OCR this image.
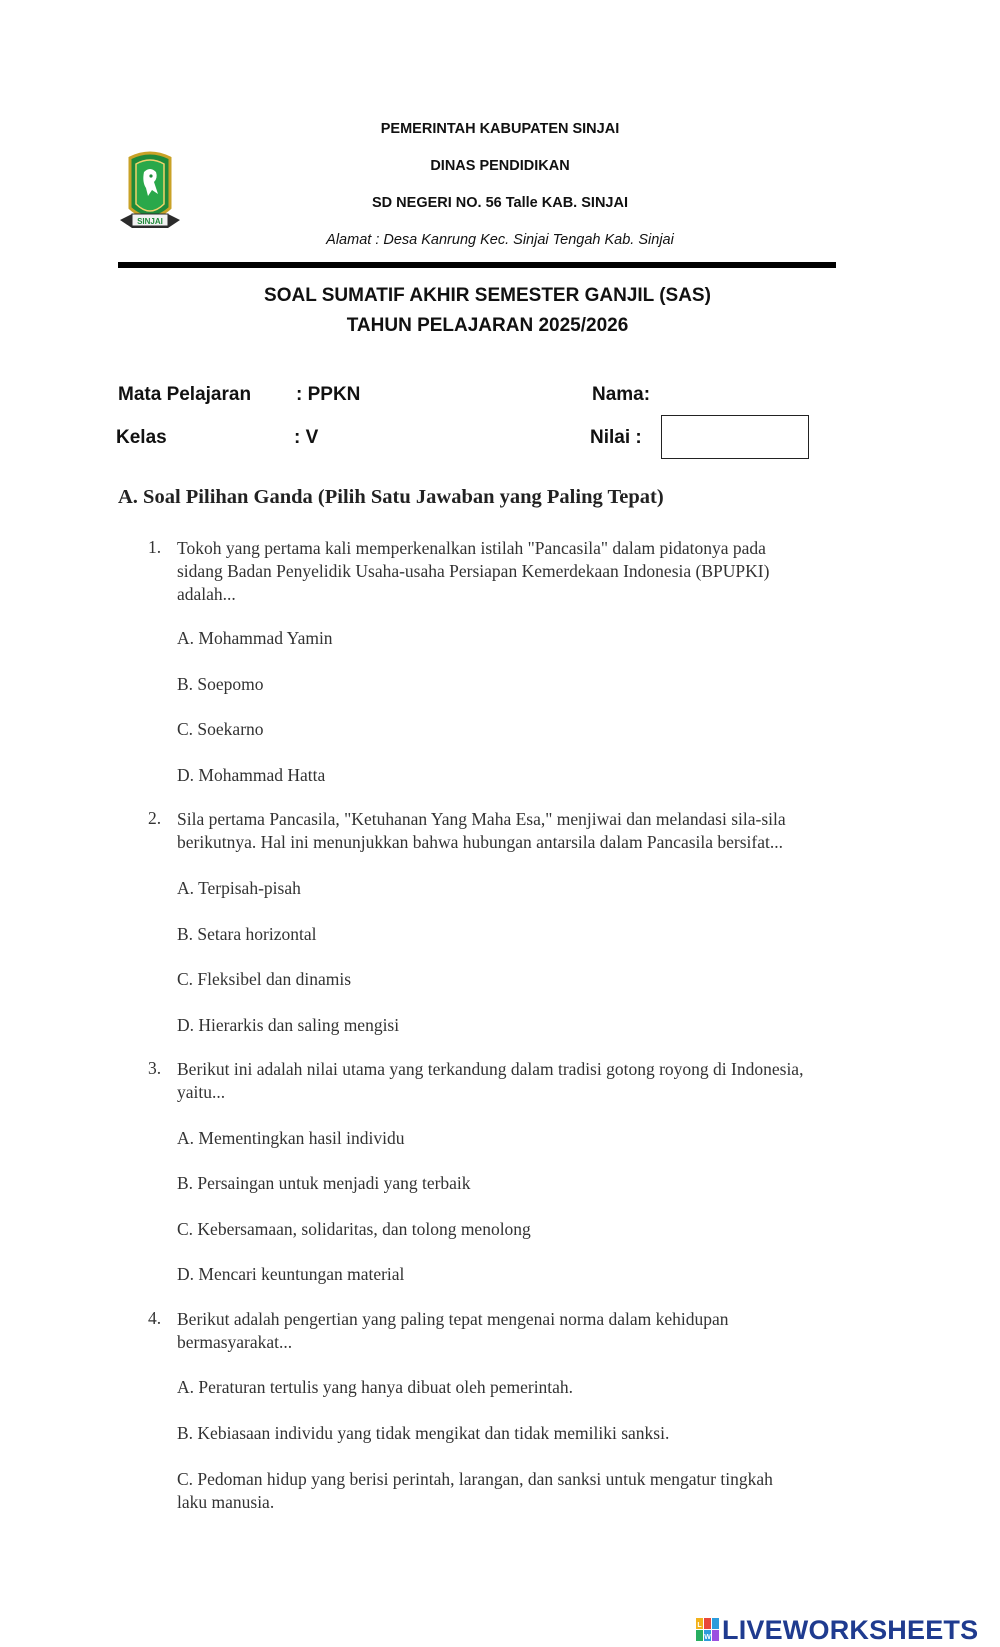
PEMERINTAH KABUPATEN SINJAI
DINAS PENDIDIKAN
SD NEGERI NO. 56 Talle KAB. SINJAI
Alamat : Desa Kanrung Kec. Sinjai Tengah Kab. Sinjai
SINJAI
SOAL SUMATIF AKHIR SEMESTER GANJIL (SAS)
TAHUN PELAJARAN 2025/2026
Mata Pelajaran : PPKN	Nama:
Kelas	: V	Nilai :
A. Soal Pilihan Ganda (Pilih Satu Jawaban yang Paling Tepat)
1. Tokoh yang pertama kali memperkenalkan istilah "Pancasila" dalam pidatonya pada
sidang Badan Penyelidik Usaha-usaha Persiapan Kemerdekaan Indonesia (BPUPKI)
adalah...
A. Mohammad Yamin
B. Soepomo
C. Soekarno
D. Mohammad Hatta
2. Sila pertama Pancasila, "Ketuhanan Yang Maha Esa," menjiwai dan melandasi sila-sila
berikutnya. Hal ini menunjukkan bahwa hubungan antarsila dalam Pancasila bersifat...
A. Terpisah-pisah
B. Setara horizontal
C. Fleksibel dan dinamis
D. Hierarkis dan saling mengisi
3. Berikut ini adalah nilai utama yang terkandung dalam tradisi gotong royong di Indonesia,
yaitu...
A. Mementingkan hasil individu
B. Persaingan untuk menjadi yang terbaik
C. Kebersamaan, solidaritas, dan tolong menolong
D. Mencari keuntungan material
4. Berikut adalah pengertian yang paling tepat mengenai norma dalam kehidupan
bermasyarakat...
A. Peraturan tertulis yang hanya dibuat oleh pemerintah.
B. Kebiasaan individu yang tidak mengikat dan tidak memiliki sanksi.
C. Pedoman hidup yang berisi perintah, larangan, dan sanksi untuk mengatur tingkah
laku manusia.
L
W LIVEWORKSHEETS
